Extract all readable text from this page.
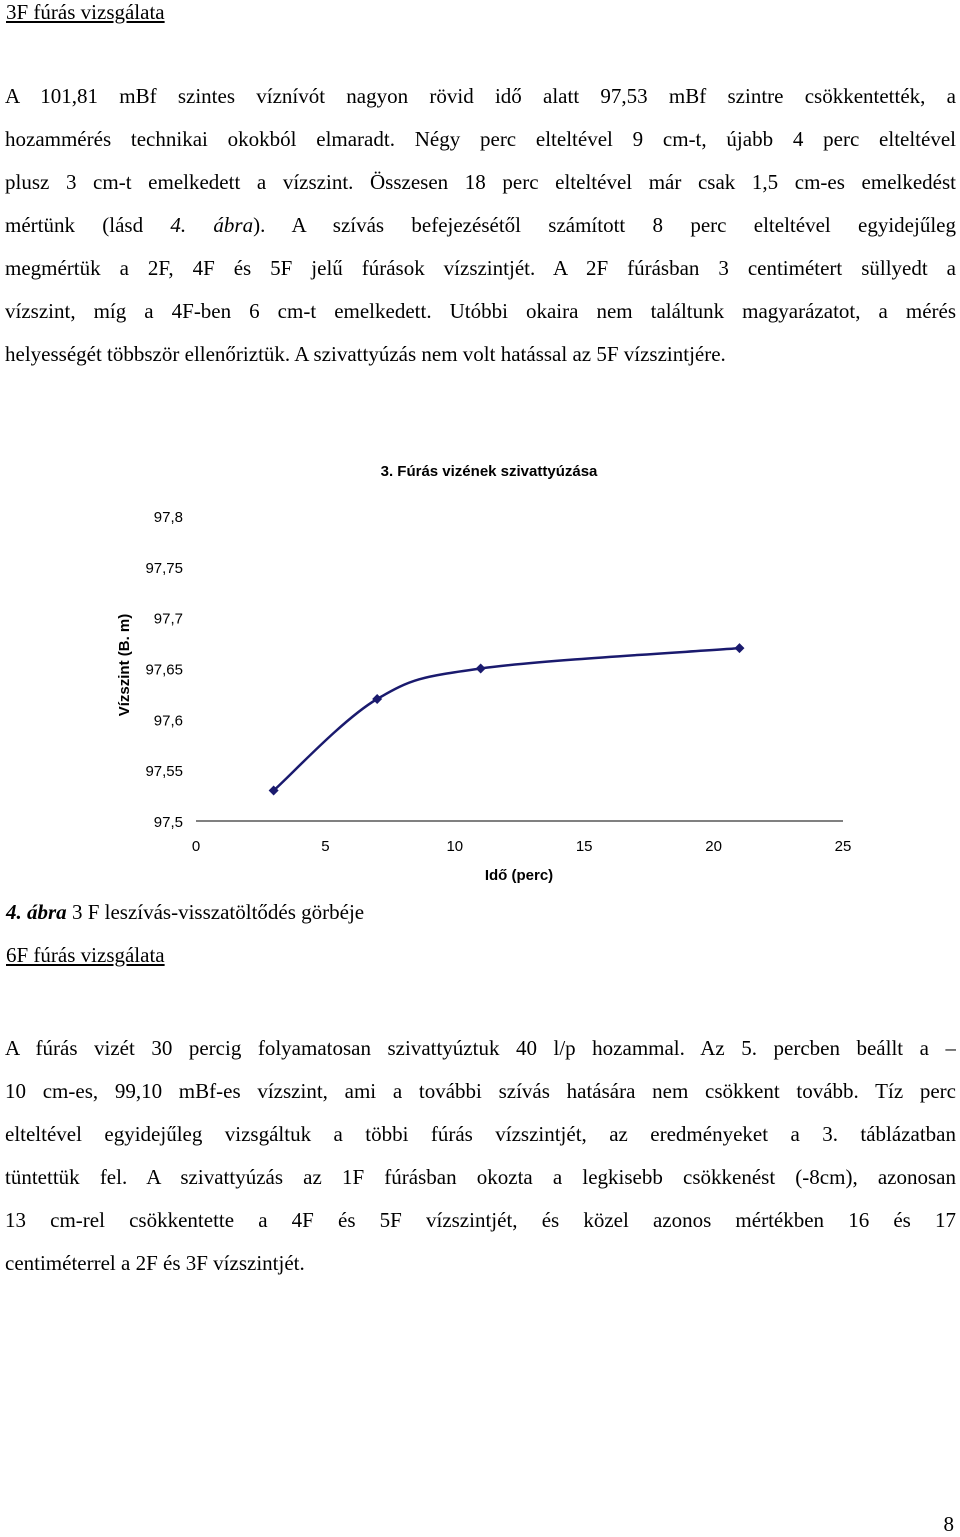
3F fúrás vizsgálata
A 101,81 mBf szintes víznívót nagyon rövid idő alatt 97,53 mBf szintre csökkentették, a
hozammérés technikai okokból elmaradt. Négy perc elteltével 9 cm-t, újabb 4 perc elteltével
plusz 3 cm-t emelkedett a vízszint. Összesen 18 perc elteltével már csak 1,5 cm-es emelkedést
mértünk (lásd 4. ábra). A szívás befejezésétől számított 8 perc elteltével egyidejűleg
megmértük a 2F, 4F és 5F jelű fúrások vízszintjét. A 2F fúrásban 3 centimétert süllyedt a
vízszint, míg a 4F-ben 6 cm-t emelkedett. Utóbbi okaira nem találtunk magyarázatot, a mérés
helyességét többször ellenőriztük. A szivattyúzás nem volt hatással az 5F vízszintjére.
3. Fúrás vizének szivattyúzása
Vízszint (B. m)
Idő (perc)
97,8
97,75
97,7
97,65
97,6
97,55
97,5
0	5	10	15	20	25
4. ábra 3 F leszívás-visszatöltődés görbéje
6F fúrás vizsgálata
A fúrás vizét 30 percig folyamatosan szivattyúztuk 40 l/p hozammal. Az 5. percben beállt a –
10 cm-es, 99,10 mBf-es vízszint, ami a további szívás hatására nem csökkent tovább. Tíz perc
elteltével egyidejűleg vizsgáltuk a többi fúrás vízszintjét, az eredményeket a 3. táblázatban
tüntettük fel. A szivattyúzás az 1F fúrásban okozta a legkisebb csökkenést (-8cm), azonosan
13 cm-rel csökkentette a 4F és 5F vízszintjét, és közel azonos mértékben 16 és 17
centiméterrel a 2F és 3F vízszintjét.
8
